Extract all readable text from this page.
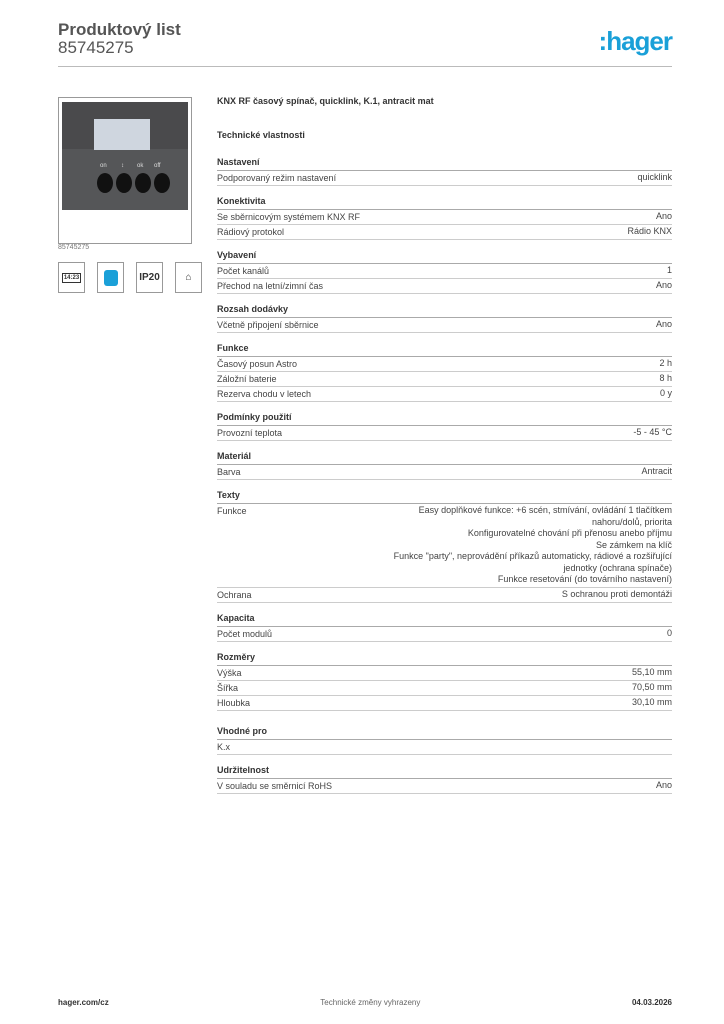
Produktový list
85745275	:hager
on ↕ ok off
85745275
14:23	IP20	⌂
KNX RF časový spínač, quicklink, K.1, antracit mat
Technické vlastnosti
Nastavení
Podporovaný režim nastavení	quicklink
Konektivita
Se sběrnicovým systémem KNX RF	Ano
Rádiový protokol	Rádio KNX
Vybavení
Počet kanálů	1
Přechod na letní/zimní čas	Ano
Rozsah dodávky
Včetně připojení sběrnice	Ano
Funkce
Časový posun Astro	2 h
Záložní baterie	8 h
Rezerva chodu v letech	0 y
Podmínky použití
Provozní teplota	-5 - 45 °C
Materiál
Barva	Antracit
Texty
Funkce	Easy doplňkové funkce: +6 scén, stmívání, ovládání 1 tlačítkem
nahoru/dolů, priorita
Konfigurovatelné chování při přenosu anebo příjmu
Se zámkem na klíč
Funkce "party", neprovádění příkazů automaticky, rádiové a rozšiřující
jednotky (ochrana spínače)
Funkce resetování (do továrního nastavení)
Ochrana	S ochranou proti demontáži
Kapacita
Počet modulů	0
Rozměry
Výška	55,10 mm
Šířka	70,50 mm
Hloubka	30,10 mm
Vhodné pro
K.x
Udržitelnost
V souladu se směrnicí RoHS	Ano
hager.com/cz	Technické změny vyhrazeny	04.03.2026
